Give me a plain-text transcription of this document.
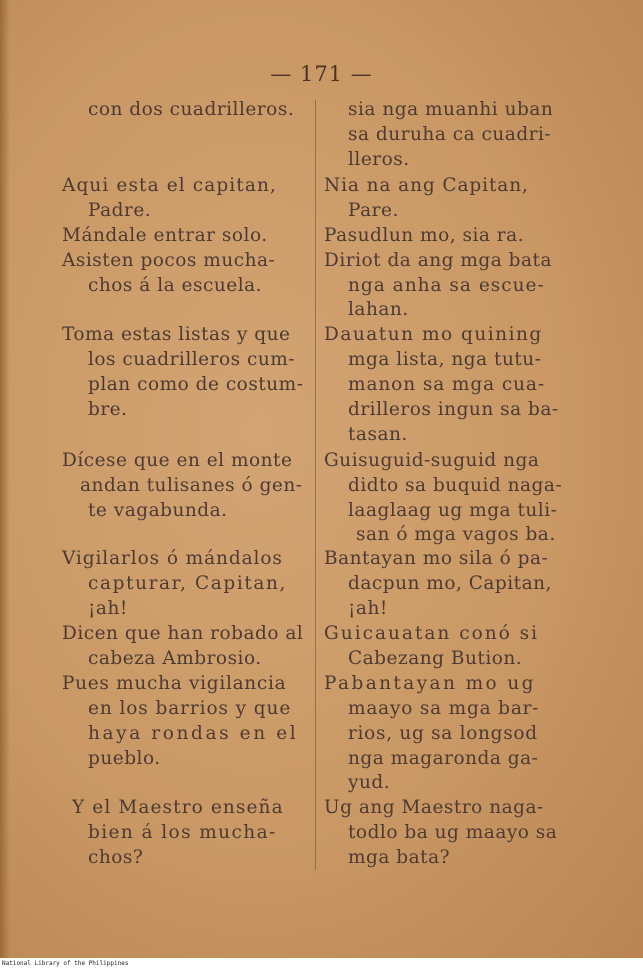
— 171 —
con dos cuadrilleros.
Aqui esta el capitan,
Padre.
Mándale entrar solo.
Asisten pocos mucha-
chos á la escuela.
Toma estas listas y que
los cuadrilleros cum-
plan como de costum-
bre.
Dícese que en el monte
andan tulisanes ó gen-
te vagabunda.
Vigilarlos ó mándalos
capturar, Capitan,
¡ah!
Dicen que han robado al
cabeza Ambrosio.
Pues mucha vigilancia
en los barrios y que
haya rondas en el
pueblo.
Y el Maestro enseña
bien á los mucha-
chos?
sia nga muanhi uban
sa duruha ca cuadri-
lleros.
Nia na ang Capitan,
Pare.
Pasudlun mo, sia ra.
Diriot da ang mga bata
nga anha sa escue-
lahan.
Dauatun mo quining
mga lista, nga tutu-
manon sa mga cua-
drilleros ingun sa ba-
tasan.
Guisuguid-suguid nga
didto sa buquid naga-
laaglaag ug mga tuli-
san ó mga vagos ba.
Bantayan mo sila ó pa-
dacpun mo, Capitan,
¡ah!
Guicauatan conó si
Cabezang Bution.
Pabantayan mo ug
maayo sa mga bar-
rios, ug sa longsod
nga magaronda ga-
yud.
Ug ang Maestro naga-
todlo ba ug maayo sa
mga bata?
National Library of the Philippines
